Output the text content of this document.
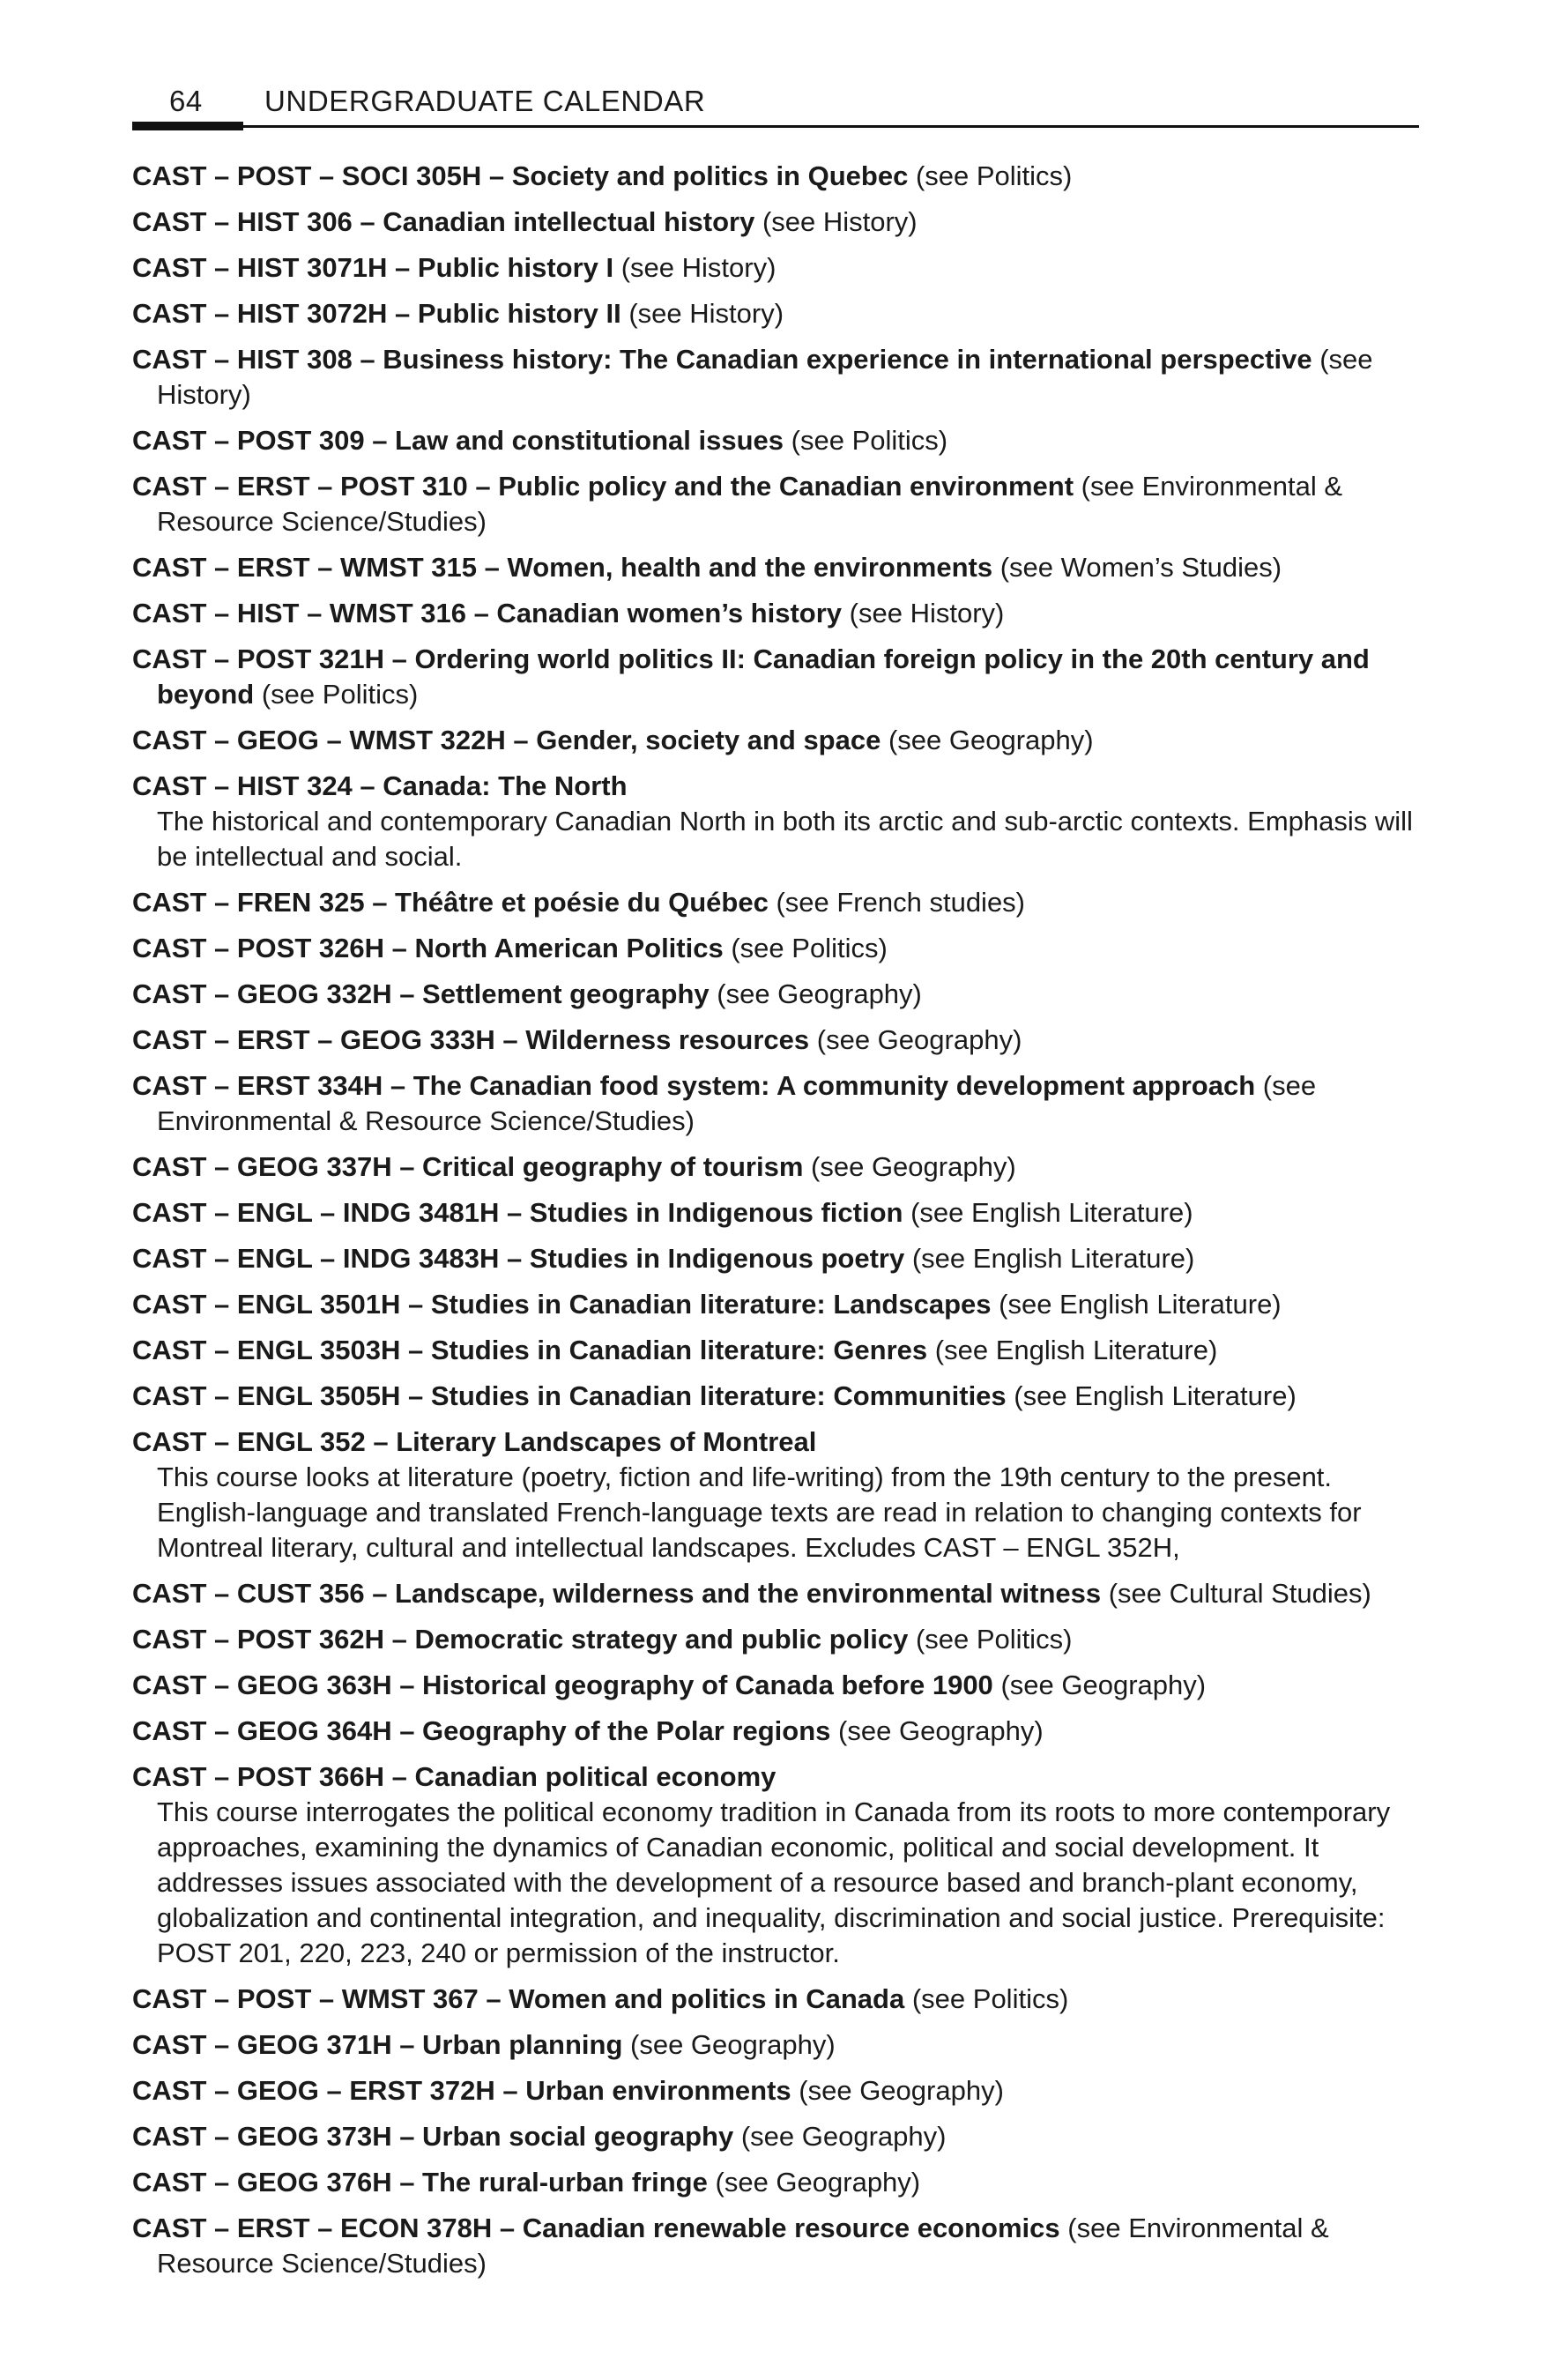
64 UNDERGRADUATE CALENDAR
CAST – POST – SOCI 305H – Society and politics in Quebec (see Politics)
CAST – HIST 306 – Canadian intellectual history (see History)
CAST – HIST 3071H – Public history I (see History)
CAST – HIST 3072H – Public history II (see History)
CAST – HIST 308 – Business history: The Canadian experience in international perspective (see History)
CAST – POST 309 – Law and constitutional issues (see Politics)
CAST – ERST – POST 310 – Public policy and the Canadian environment (see Environmental & Resource Science/Studies)
CAST – ERST – WMST 315 – Women, health and the environments (see Women’s Studies)
CAST – HIST – WMST 316 – Canadian women’s history (see History)
CAST – POST 321H – Ordering world politics II: Canadian foreign policy in the 20th century and beyond (see Politics)
CAST – GEOG – WMST 322H – Gender, society and space (see Geography)
CAST – HIST 324 – Canada: The North
The historical and contemporary Canadian North in both its arctic and sub-arctic contexts. Emphasis will be intellectual and social.
CAST – FREN 325 – Théâtre et poésie du Québec (see French studies)
CAST – POST 326H – North American Politics (see Politics)
CAST – GEOG 332H – Settlement geography (see Geography)
CAST – ERST – GEOG 333H – Wilderness resources (see Geography)
CAST – ERST 334H – The Canadian food system: A community development approach (see Environmental & Resource Science/Studies)
CAST – GEOG 337H – Critical geography of tourism (see Geography)
CAST – ENGL – INDG 3481H – Studies in Indigenous fiction (see English Literature)
CAST – ENGL – INDG 3483H – Studies in Indigenous poetry (see English Literature)
CAST – ENGL 3501H – Studies in Canadian literature: Landscapes (see English Literature)
CAST – ENGL 3503H – Studies in Canadian literature: Genres (see English Literature)
CAST – ENGL 3505H – Studies in Canadian literature: Communities (see English Literature)
CAST – ENGL 352 – Literary Landscapes of Montreal
This course looks at literature (poetry, fiction and life-writing) from the 19th century to the present. English-language and translated French-language texts are read in relation to changing contexts for Montreal literary, cultural and intellectual landscapes. Excludes CAST – ENGL 352H,
CAST – CUST 356 – Landscape, wilderness and the environmental witness (see Cultural Studies)
CAST – POST 362H – Democratic strategy and public policy (see Politics)
CAST – GEOG 363H – Historical geography of Canada before 1900 (see Geography)
CAST – GEOG 364H – Geography of the Polar regions (see Geography)
CAST – POST 366H – Canadian political economy
This course interrogates the political economy tradition in Canada from its roots to more contemporary approaches, examining the dynamics of Canadian economic, political and social development. It addresses issues associated with the development of a resource based and branch-plant economy, globalization and continental integration, and inequality, discrimination and social justice. Prerequisite: POST 201, 220, 223, 240 or permission of the instructor.
CAST – POST – WMST 367 – Women and politics in Canada (see Politics)
CAST – GEOG 371H – Urban planning (see Geography)
CAST – GEOG – ERST 372H – Urban environments (see Geography)
CAST – GEOG 373H – Urban social geography (see Geography)
CAST – GEOG 376H – The rural-urban fringe (see Geography)
CAST – ERST – ECON 378H – Canadian renewable resource economics (see Environmental & Resource Science/Studies)
